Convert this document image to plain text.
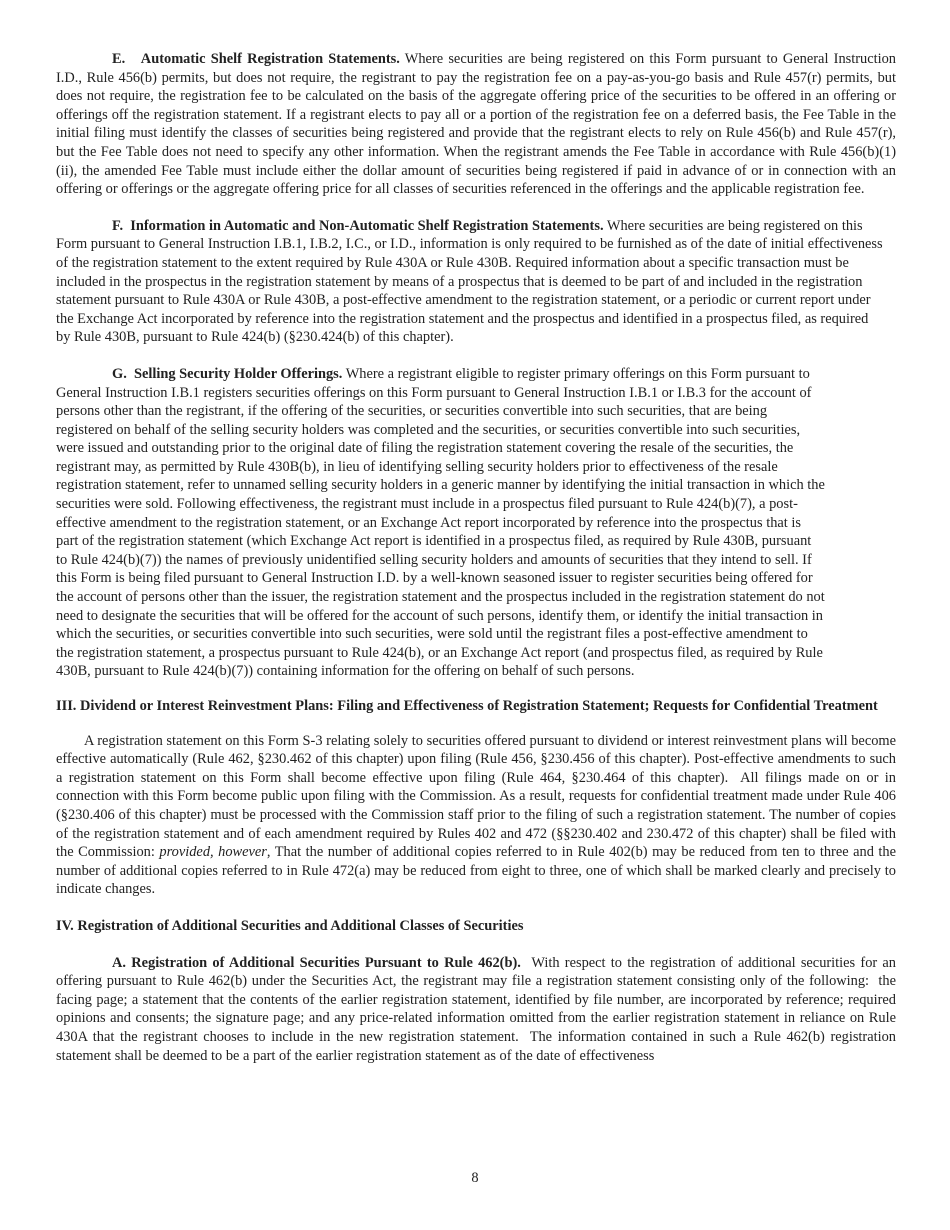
E.   Automatic Shelf Registration Statements. Where securities are being registered on this Form pursuant to General Instruction I.D., Rule 456(b) permits, but does not require, the registrant to pay the registration fee on a pay-as-you-go basis and Rule 457(r) permits, but does not require, the registration fee to be calculated on the basis of the aggregate offering price of the securities to be offered in an offering or offerings off the registration statement. If a registrant elects to pay all or a portion of the registration fee on a deferred basis, the Fee Table in the initial filing must identify the classes of securities being registered and provide that the registrant elects to rely on Rule 456(b) and Rule 457(r), but the Fee Table does not need to specify any other information. When the registrant amends the Fee Table in accordance with Rule 456(b)(1)(ii), the amended Fee Table must include either the dollar amount of securities being registered if paid in advance of or in connection with an offering or offerings or the aggregate offering price for all classes of securities referenced in the offerings and the applicable registration fee.

F.  Information in Automatic and Non-Automatic Shelf Registration Statements. Where securities are being registered on this Form pursuant to General Instruction I.B.1, I.B.2, I.C., or I.D., information is only required to be furnished as of the date of initial effectiveness of the registration statement to the extent required by Rule 430A or Rule 430B. Required information about a specific transaction must be included in the prospectus in the registration statement by means of a prospectus that is deemed to be part of and included in the registration statement pursuant to Rule 430A or Rule 430B, a post-effective amendment to the registration statement, or a periodic or current report under the Exchange Act incorporated by reference into the registration statement and the prospectus and identified in a prospectus filed, as required by Rule 430B, pursuant to Rule 424(b) (§230.424(b) of this chapter).

G.  Selling Security Holder Offerings. Where a registrant eligible to register primary offerings on this Form pursuant to General Instruction I.B.1 registers securities offerings on this Form pursuant to General Instruction I.B.1 or I.B.3 for the account of persons other than the registrant, if the offering of the securities, or securities convertible into such securities, that are being registered on behalf of the selling security holders was completed and the securities, or securities convertible into such securities, were issued and outstanding prior to the original date of filing the registration statement covering the resale of the securities, the registrant may, as permitted by Rule 430B(b), in lieu of identifying selling security holders prior to effectiveness of the resale registration statement, refer to unnamed selling security holders in a generic manner by identifying the initial transaction in which the securities were sold. Following effectiveness, the registrant must include in a prospectus filed pursuant to Rule 424(b)(7), a post-effective amendment to the registration statement, or an Exchange Act report incorporated by reference into the prospectus that is part of the registration statement (which Exchange Act report is identified in a prospectus filed, as required by Rule 430B, pursuant to Rule 424(b)(7)) the names of previously unidentified selling security holders and amounts of securities that they intend to sell. If this Form is being filed pursuant to General Instruction I.D. by a well-known seasoned issuer to register securities being offered for the account of persons other than the issuer, the registration statement and the prospectus included in the registration statement do not need to designate the securities that will be offered for the account of such persons, identify them, or identify the initial transaction in which the securities, or securities convertible into such securities, were sold until the registrant files a post-effective amendment to the registration statement, a prospectus pursuant to Rule 424(b), or an Exchange Act report (and prospectus filed, as required by Rule 430B, pursuant to Rule 424(b)(7)) containing information for the offering on behalf of such persons.

III. Dividend or Interest Reinvestment Plans: Filing and Effectiveness of Registration Statement; Requests for Confidential Treatment

A registration statement on this Form S-3 relating solely to securities offered pursuant to dividend or interest reinvestment plans will become effective automatically (Rule 462, §230.462 of this chapter) upon filing (Rule 456, §230.456 of this chapter). Post-effective amendments to such a registration statement on this Form shall become effective upon filing (Rule 464, §230.464 of this chapter).  All filings made on or in connection with this Form become public upon filing with the Commission. As a result, requests for confidential treatment made under Rule 406 (§230.406 of this chapter) must be processed with the Commission staff prior to the filing of such a registration statement. The number of copies of the registration statement and of each amendment required by Rules 402 and 472 (§§230.402 and 230.472 of this chapter) shall be filed with the Commission: provided, however, That the number of additional copies referred to in Rule 402(b) may be reduced from ten to three and the number of additional copies referred to in Rule 472(a) may be reduced from eight to three, one of which shall be marked clearly and precisely to indicate changes.

IV. Registration of Additional Securities and Additional Classes of Securities

A. Registration of Additional Securities Pursuant to Rule 462(b).  With respect to the registration of additional securities for an offering pursuant to Rule 462(b) under the Securities Act, the registrant may file a registration statement consisting only of the following:  the facing page; a statement that the contents of the earlier registration statement, identified by file number, are incorporated by reference; required opinions and consents; the signature page; and any price-related information omitted from the earlier registration statement in reliance on Rule 430A that the registrant chooses to include in the new registration statement.  The information contained in such a Rule 462(b) registration statement shall be deemed to be a part of the earlier registration statement as of the date of effectiveness

8
